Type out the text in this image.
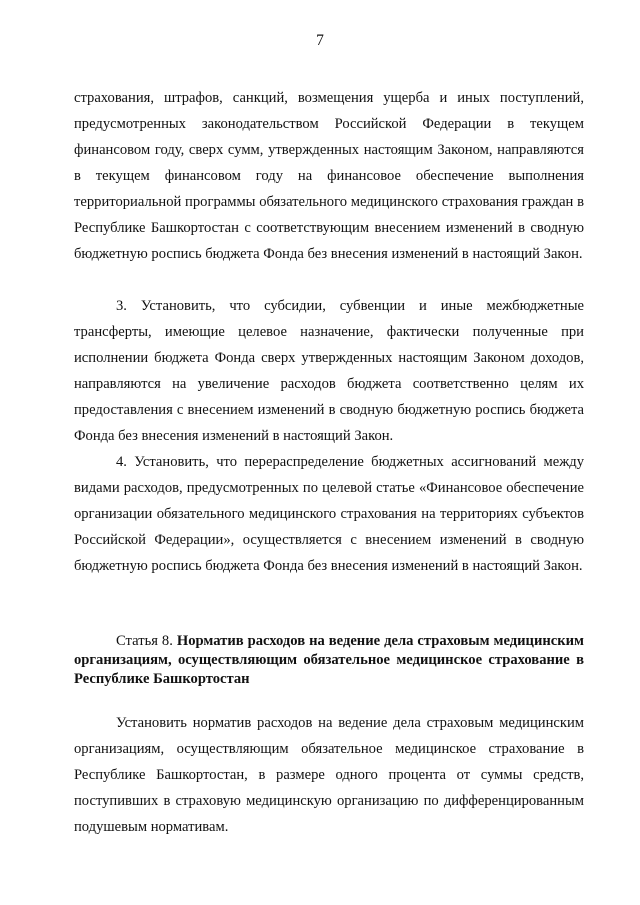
7

страхования, штрафов, санкций, возмещения ущерба и иных поступлений, предусмотренных законодательством Российской Федерации в текущем финансовом году, сверх сумм, утвержденных настоящим Законом, направляются в текущем финансовом году на финансовое обеспечение выполнения территориальной программы обязательного медицинского страхования граждан в Республике Башкортостан с соответствующим внесением изменений в сводную бюджетную роспись бюджета Фонда без внесения изменений в настоящий Закон.

3. Установить, что субсидии, субвенции и иные межбюджетные трансферты, имеющие целевое назначение, фактически полученные при исполнении бюджета Фонда сверх утвержденных настоящим Законом доходов, направляются на увеличение расходов бюджета соответственно целям их предоставления с внесением изменений в сводную бюджетную роспись бюджета Фонда без внесения изменений в настоящий Закон.

4. Установить, что перераспределение бюджетных ассигнований между видами расходов, предусмотренных по целевой статье «Финансовое обеспечение организации обязательного медицинского страхования на территориях субъектов Российской Федерации», осуществляется с внесением изменений в сводную бюджетную роспись бюджета Фонда без внесения изменений в настоящий Закон.

Статья 8. Норматив расходов на ведение дела страховым медицинским организациям, осуществляющим обязательное медицинское страхование в Республике Башкортостан

Установить норматив расходов на ведение дела страховым медицинским организациям, осуществляющим обязательное медицинское страхование в Республике Башкортостан, в размере одного процента от суммы средств, поступивших в страховую медицинскую организацию по дифференцированным подушевым нормативам.
